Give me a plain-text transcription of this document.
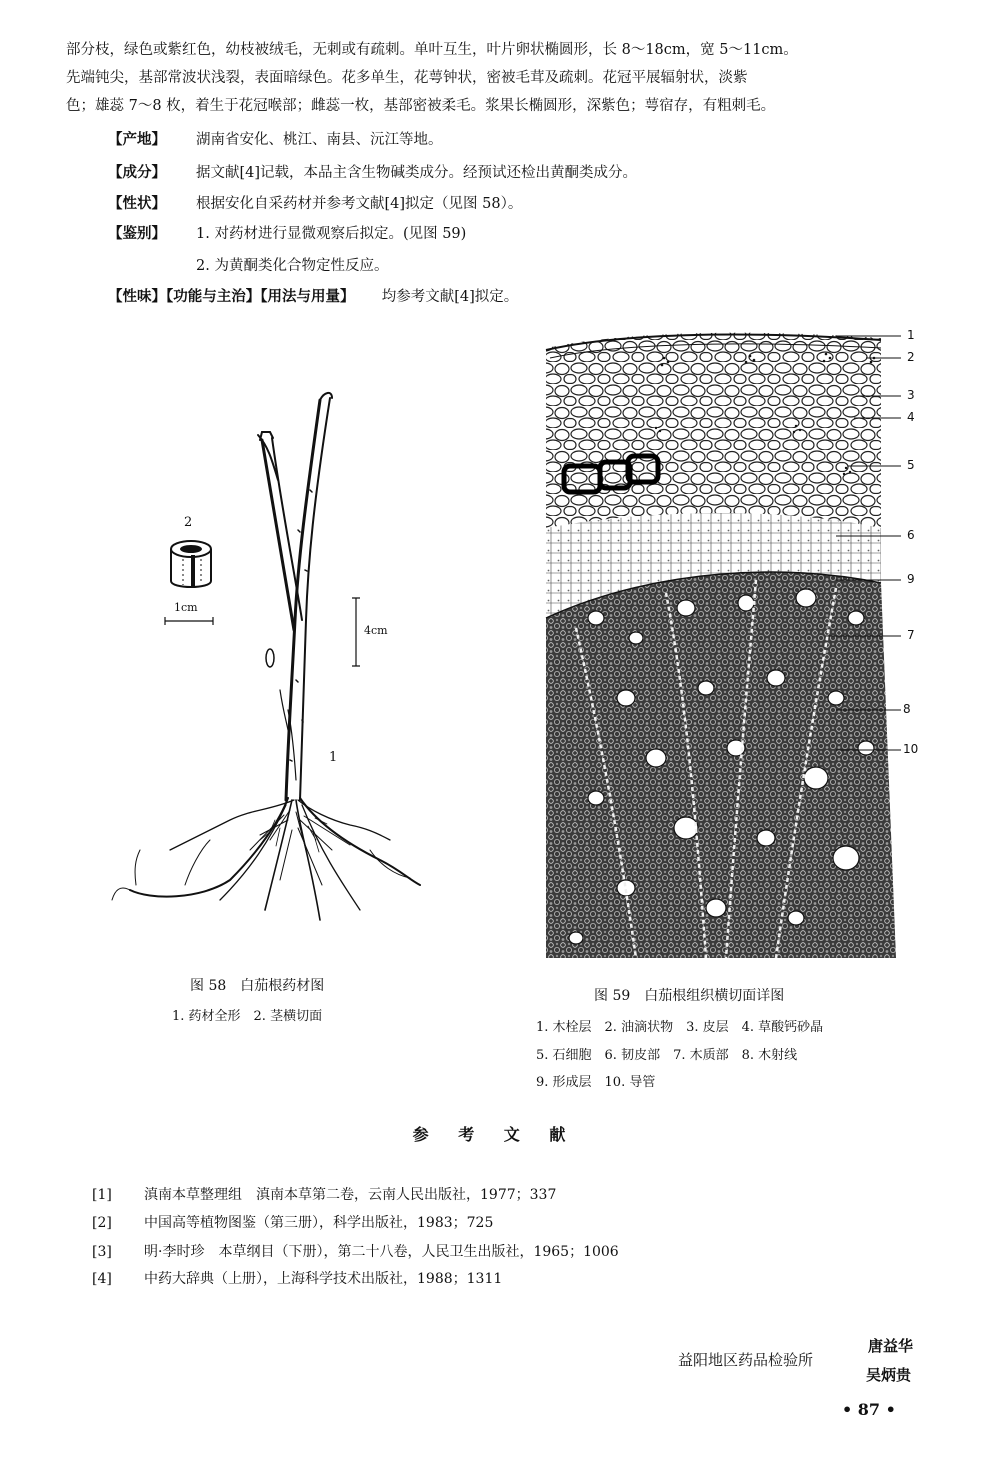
部分枝，绿色或紫红色，幼枝被绒毛，无刺或有疏刺。单叶互生，叶片卵状椭圆形，长 8～18cm，宽 5～11cm。
先端钝尖，基部常波状浅裂，表面暗绿色。花多单生，花萼钟状，密被毛茸及疏刺。花冠平展辐射状，淡紫
色；雄蕊 7～8 枚，着生于花冠喉部；雌蕊一枚，基部密被柔毛。浆果长椭圆形，深紫色；萼宿存，有粗刺毛。
【产地】 湖南省安化、桃江、南县、沅江等地。
【成分】 据文献[4]记载，本品主含生物碱类成分。经预试还检出黄酮类成分。
【性状】 根据安化自采药材并参考文献[4]拟定（见图 58）。
【鉴别】 1. 对药材进行显微观察后拟定。(见图 59)
2. 为黄酮类化合物定性反应。
【性味】【功能与主治】【用法与用量】 均参考文献[4]拟定。
2
1cm
4cm
1
图 58　白茄根药材图
1. 药材全形　2. 茎横切面
1
2
3
4
5
6
9
7
8
10
图 59　白茄根组织横切面详图
1. 木栓层　2. 油滴状物　3. 皮层　4. 草酸钙砂晶
5. 石细胞　6. 韧皮部　7. 木质部　8. 木射线
9. 形成层　10. 导管
参 考 文 献
[1] 滇南本草整理组　滇南本草第二卷，云南人民出版社，1977；337
[2] 中国高等植物图鉴（第三册），科学出版社，1983；725
[3] 明·李时珍　本草纲目（下册），第二十八卷，人民卫生出版社，1965；1006
[4] 中药大辞典（上册），上海科学技术出版社，1988；1311
益阳地区药品检验所
唐益华
吴炳贵
• 87 •
